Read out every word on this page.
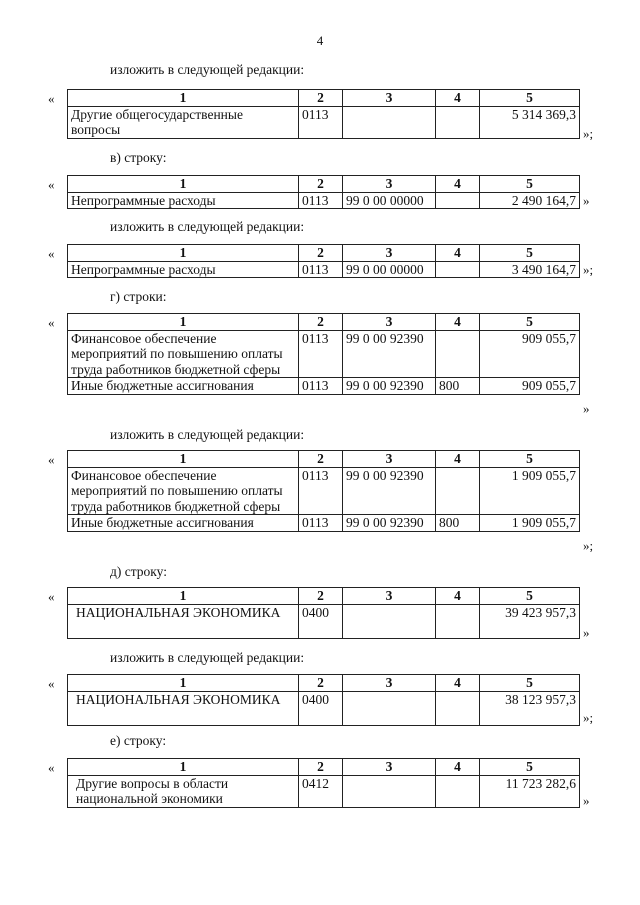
4
изложить в следующей редакции:
«	1	2	3	4	5
Другие общегосударственные вопросы	0113			5 314 369,3
»;
в) строку:
«	1	2	3	4	5
Непрограммные расходы	0113	99 0 00 00000		2 490 164,7 »
изложить в следующей редакции:
«	1	2	3	4	5
Непрограммные расходы	0113	99 0 00 00000		3 490 164,7 »;
г) строки:
«	1	2	3	4	5
Финансовое обеспечение мероприятий по повышению оплаты труда работников бюджетной сферы	0113	99 0 00 92390		909 055,7
Иные бюджетные ассигнования	0113	99 0 00 92390	800	909 055,7
»
изложить в следующей редакции:
«	1	2	3	4	5
Финансовое обеспечение мероприятий по повышению оплаты труда работников бюджетной сферы	0113	99 0 00 92390		1 909 055,7
Иные бюджетные ассигнования	0113	99 0 00 92390	800	1 909 055,7
»;
д) строку:
«	1	2	3	4	5
НАЦИОНАЛЬНАЯ ЭКОНОМИКА	0400			39 423 957,3
»
изложить в следующей редакции:
«	1	2	3	4	5
НАЦИОНАЛЬНАЯ ЭКОНОМИКА	0400			38 123 957,3
»;
е) строку:
«	1	2	3	4	5
Другие вопросы в области национальной экономики	0412			11 723 282,6
»
